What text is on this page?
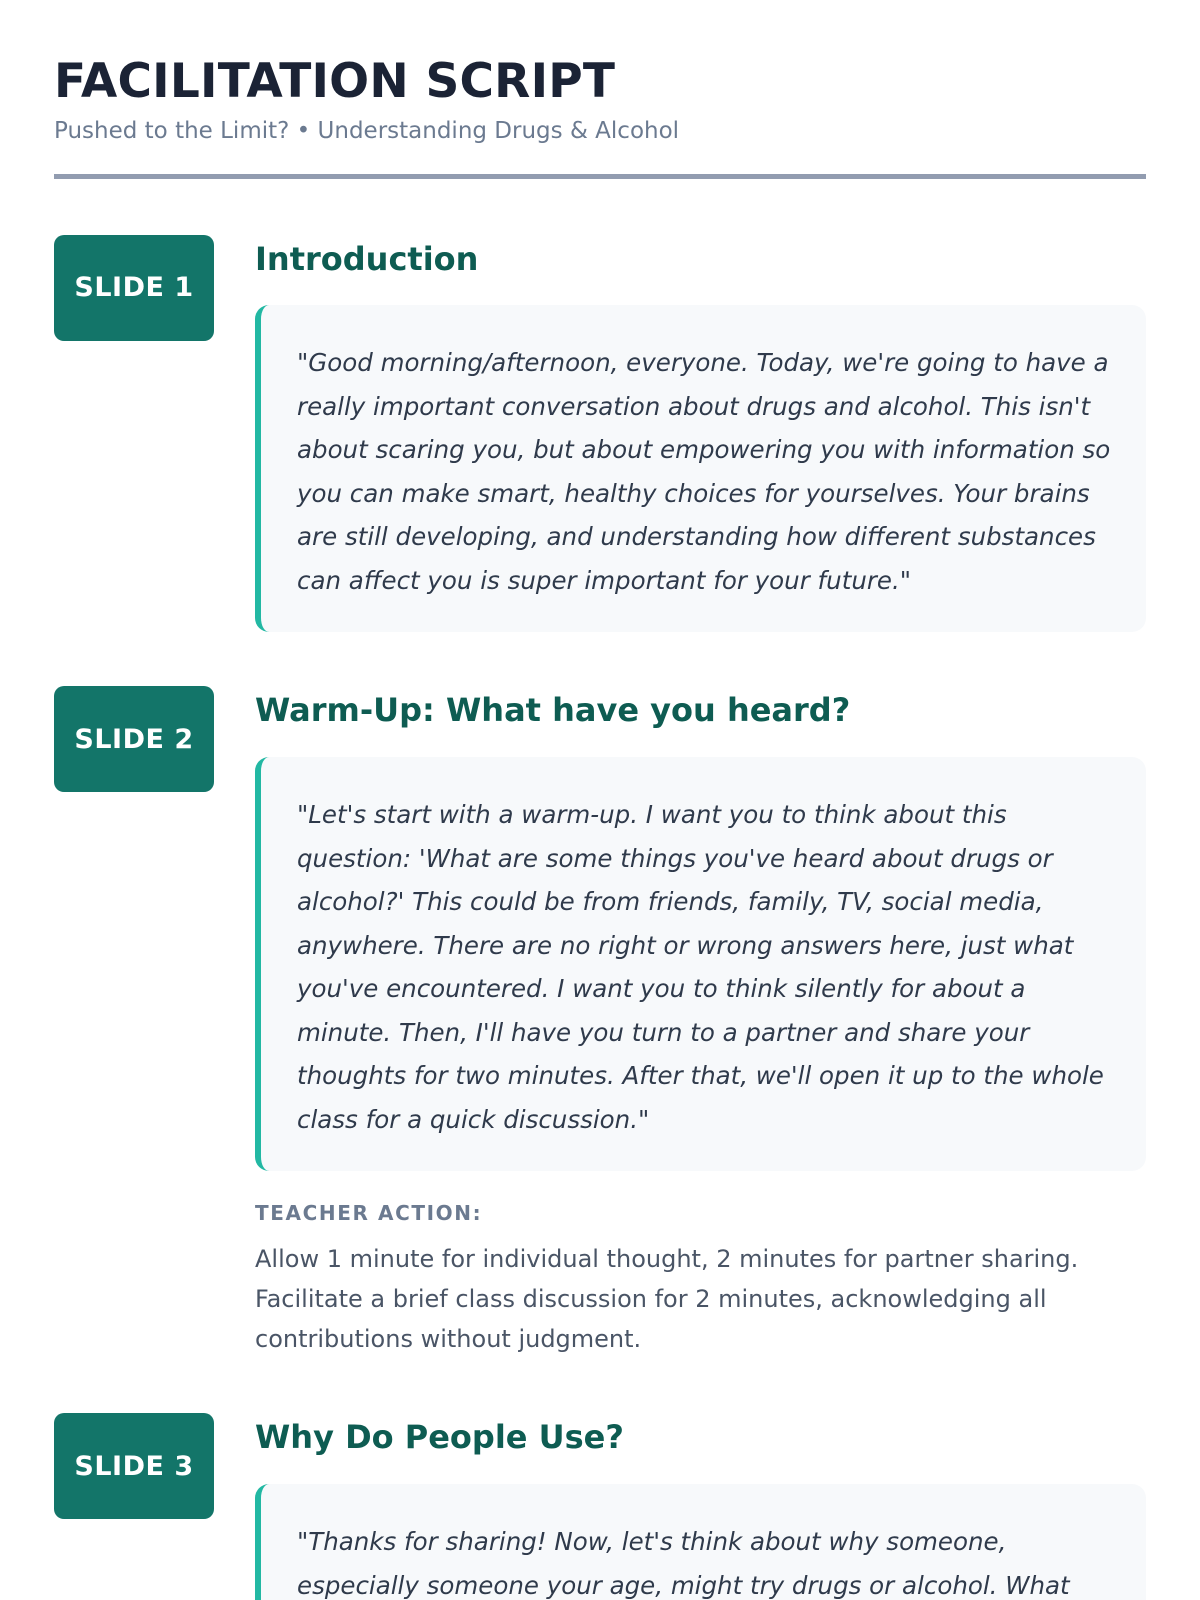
FACILITATION SCRIPT
Pushed to the Limit? • Understanding Drugs & Alcohol
SLIDE 1
Introduction
"Good morning/afternoon, everyone. Today, we're going to have a really important conversation about drugs and alcohol. This isn't about scaring you, but about empowering you with information so you can make smart, healthy choices for yourselves. Your brains are still developing, and understanding how different substances can affect you is super important for your future."
SLIDE 2
Warm-Up: What have you heard?
"Let's start with a warm-up. I want you to think about this question: 'What are some things you've heard about drugs or alcohol?' This could be from friends, family, TV, social media, anywhere. There are no right or wrong answers here, just what you've encountered. I want you to think silently for about a minute. Then, I'll have you turn to a partner and share your thoughts for two minutes. After that, we'll open it up to the whole class for a quick discussion."
TEACHER ACTION:

Allow 1 minute for individual thought, 2 minutes for partner sharing. Facilitate a brief class discussion for 2 minutes, acknowledging all contributions without judgment.

SLIDE 3
Why Do People Use?
"Thanks for sharing! Now, let's think about why someone, especially someone your age, might try drugs or alcohol. What
